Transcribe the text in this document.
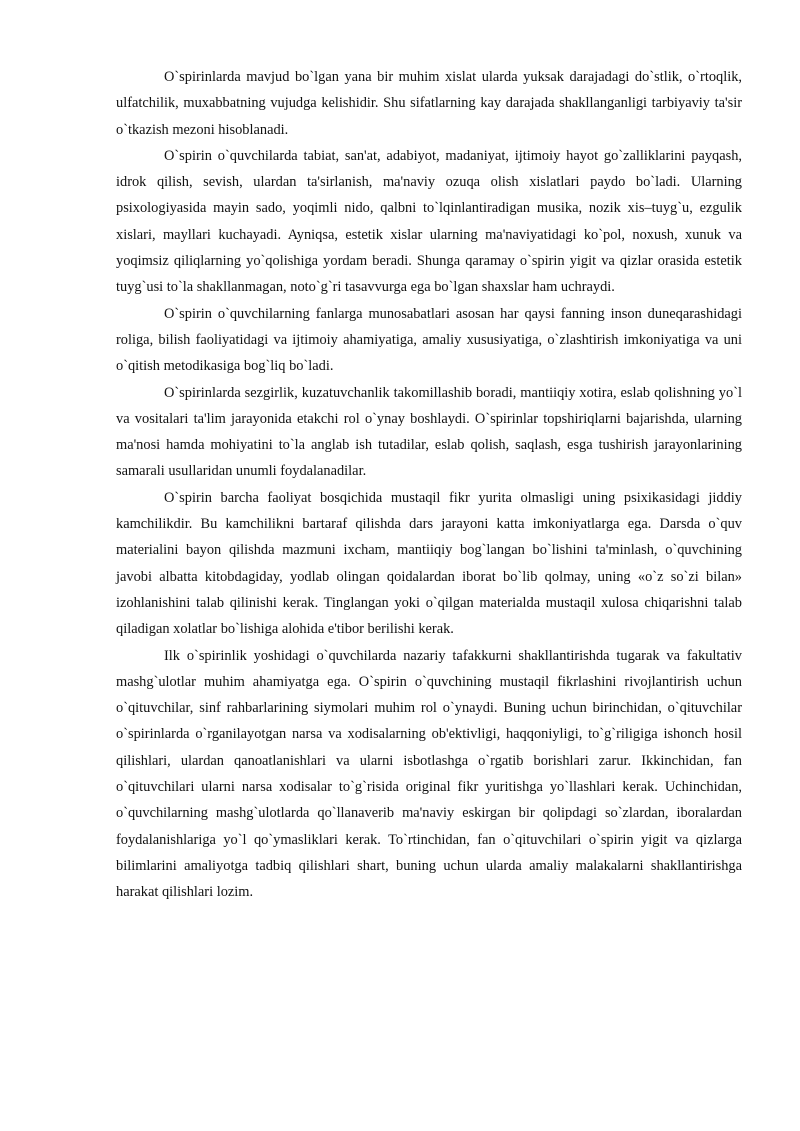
O`spirinlarda mavjud bo`lgan yana bir muhim xislat ularda yuksak darajadagi do`stlik, o`rtoqlik, ulfatchilik, muxabbatning vujudga kelishidir. Shu sifatlarning kay darajada shakllanganligi tarbiyaviy ta'sir o`tkazish mezoni hisoblanadi.

O`spirin o`quvchilarda tabiat, san'at, adabiyot, madaniyat, ijtimoiy hayot go`zalliklarini payqash, idrok qilish, sevish, ulardan ta'sirlanish, ma'naviy ozuqa olish xislatlari paydo bo`ladi. Ularning psixologiyasida mayin sado, yoqimli nido, qalbni to`lqinlantiradigan musika, nozik xis–tuyg`u, ezgulik xislari, mayllari kuchayadi. Ayniqsa, estetik xislar ularning ma'naviyatidagi ko`pol, noxush, xunuk va yoqimsiz qiliqlarning yo`qolishiga yordam beradi. Shunga qaramay o`spirin yigit va qizlar orasida estetik tuyg`usi to`la shakllanmagan, noto`g`ri tasavvurga ega bo`lgan shaxslar ham uchraydi.

O`spirin o`quvchilarning fanlarga munosabatlari asosan har qaysi fanning inson duneqarashidagi roliga, bilish faoliyatidagi va ijtimoiy ahamiyatiga, amaliy xususiyatiga, o`zlashtirish imkoniyatiga va uni o`qitish metodikasiga bog`liq bo`ladi.

O`spirinlarda sezgirlik, kuzatuvchanlik takomillashib boradi, mantiiqiy xotira, eslab qolishning yo`l va vositalari ta'lim jarayonida etakchi rol o`ynay boshlaydi. O`spirinlar topshiriqlarni bajarishda, ularning ma'nosi hamda mohiyatini to`la anglab ish tutadilar, eslab qolish, saqlash, esga tushirish jarayonlarining samarali usullaridan unumli foydalanadilar.

O`spirin barcha faoliyat bosqichida mustaqil fikr yurita olmasligi uning psixikasidagi jiddiy kamchilikdir. Bu kamchilikni bartaraf qilishda dars jarayoni katta imkoniyatlarga ega. Darsda o`quv materialini bayon qilishda mazmuni ixcham, mantiiqiy bog`langan bo`lishini ta'minlash, o`quvchining javobi albatta kitobdagiday, yodlab olingan qoidalardan iborat bo`lib qolmay, uning «o`z so`zi bilan» izohlanishini talab qilinishi kerak. Tinglangan yoki o`qilgan materialda mustaqil xulosa chiqarishni talab qiladigan xolatlar bo`lishiga alohida e'tibor berilishi kerak.

Ilk o`spirinlik yoshidagi o`quvchilarda nazariy tafakkurni shakllantirishda tugarak va fakultativ mashg`ulotlar muhim ahamiyatga ega. O`spirin o`quvchining mustaqil fikrlashini rivojlantirish uchun o`qituvchilar, sinf rahbarlarining siymolari muhim rol o`ynaydi. Buning uchun birinchidan, o`qituvchilar o`spirinlarda o`rganilayotgan narsa va xodisalarning ob'ektivligi, haqqoniyligi, to`g`riligiga ishonch hosil qilishlari, ulardan qanoatlanishlari va ularni isbotlashga o`rgatib borishlari zarur. Ikkinchidan, fan o`qituvchilari ularni narsa xodisalar to`g`risida original fikr yuritishga yo`llashlari kerak. Uchinchidan, o`quvchilarning mashg`ulotlarda qo`llanaverib ma'naviy eskirgan bir qolipdagi so`zlardan, iboralardan foydalanishlariga yo`l qo`ymasliklari kerak. To`rtinchidan, fan o`qituvchilari o`spirin yigit va qizlarga bilimlarini amaliyotga tadbiq qilishlari shart, buning uchun ularda amaliy malakalarni shakllantirishga harakat qilishlari lozim.
